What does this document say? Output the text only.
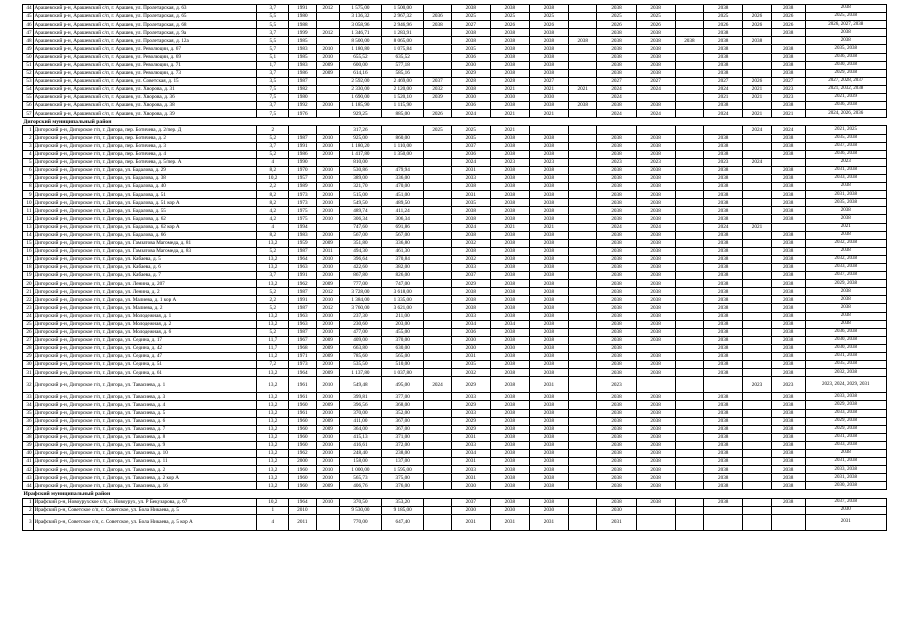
44	Арашевский р-н, Арашевский с/п, г. Арашев, ул. Пролетарская, д. 63	3,7	1991	2012	1 575,00	1 500,00		2038	2038	2038		2038	2038		2038		2038	2038
45	Арашевский р-н, Арашевский с/п, г. Арашев, ул. Пролетарская, д. 65	5,5	1980		3 136,32	2 967,32	2036	2025	2025	2025		2025	2025		2025	2026	2026	2025, 2038
46	Арашевский р-н, Арашевский с/п, г. Арашев, ул. Пролетарская, д. 68	5,5	1988		3 058,96	2 946,96	2038	2027	2026	2026		2026	2026		2026	2026	2026	2026, 2027, 2038
47	Арашевский р-н, Арашевский с/п, г. Арашев, ул. Пролетарская, д. 9а	3,7	1999	2012	1 346,71	1 283,91		2038	2038	2038		2038	2038		2038		2038	2038
48	Арашевский р-н, Арашевский с/п, г. Арашев, ул. Пролетарская, д. 12а	5,5	1985		8 500,00	8 065,00		2038	2038	2038	2038	2038	2038	2038	2038	2038		2038
49	Арашевский р-н, Арашевский с/п, г. Арашев, ул. Революции, д. 67	5,7	1983	2010	1 180,80	1 075,84		2035	2038	2038		2038	2038		2038		2038	2035, 2038
50	Арашевский р-н, Арашевский с/п, г. Арашев, ул. Революции, д. 69	5,1	1985	2010	655,52	635,52		2036	2038	2038		2038	2038		2038		2038	2036, 2038
51	Арашевский р-н, Арашевский с/п, г. Арашев, ул. Революции, д. 71	1,7	1983	2009	600,00	577,18		2030	2038	2038		2038	2038		2038		2038	2030, 2038
52	Арашевский р-н, Арашевский с/п, г. Арашев, ул. Революции, д. 73	3,7	1986	2009	614,16	585,16		2029	2038	2038		2038	2038		2038		2038	2029, 2038
53	Арашевский р-н, Арашевский с/п, г. Арашев, ул. Советская, д. 15	3,5	1987		2 592,00	2 469,00	2037	2028	2028	2027		2027	2027		2027	2026	2027	2027, 2028, 2037
54	Арашевский р-н, Арашевский с/п, г. Арашев, ул. Хворова, д. 31	7,5	1982		2 330,00	2 120,00	2032	2038	2021	2021	2021	2024	2024		2024	2021	2023	2021, 2032, 2038
55	Арашевский р-н, Арашевский с/п, г. Арашев, ул. Хворова, д. 36	7,5	1980		1 690,00	1 520,10	2039	2030	2030	2030		2024			2021	2021	2023	2021, 2039
56	Арашевский р-н, Арашевский с/п, г. Арашев, ул. Хворова, д. 38	3,7	1992	2010	1 185,90	1 115,90		2036	2038	2038	2038	2038	2038		2038		2038	2036, 2038
57	Арашевский р-н, Арашевский с/п, г. Арашев, ул. Хворова, д. 39	7,5	1976		929,25	885,00	2026	2024	2021	2021		2024	2024		2024	2021	2021	2024, 2026, 2036
Дигорский муниципальный район																		
1	Дигорский р-н, Дигорское г/п, г. Дигора, пер. Ботичева, д. 2/пер. Д	2			317,26		2025	2025	2021							2024	2024	2021, 2025
2	Дигорский р-н, Дигорское г/п, г. Дигора, пер. Ботичева, д. 2	5,2	1987	2010	925,00	860,00		2035	2038	2038		2038	2038		2038		2038	2035, 2038
3	Дигорский р-н, Дигорское г/п, г. Дигора, пер. Ботичева, д. 3	3,7	1991	2010	1 180,20	1 110,00		2037	2038	2038		2038	2038		2038		2038	2037, 2038
4	Дигорский р-н, Дигорское г/п, г. Дигора, пер. Ботичева, д. 4	5,2	1986	2010	1 417,80	1 350,00		2036	2038	2038		2038	2038		2038		2038	2036, 2038
5	Дигорский р-н, Дигорское г/п, г. Дигора, пер. Ботичева, д. 5/пер. А	4	1990		810,00			2024	2023	2023		2023	2023		2023	2024		2023
6	Дигорский р-н, Дигорское г/п, г. Дигора, ул. Бадалова, д. 29	8,2	1970	2010	530,86	479,94		2031	2038	2038		2038	2038		2038		2038	2031, 2038
7	Дигорский р-н, Дигорское г/п, г. Дигора, ул. Бадалова, д. 38	10,2	1957	2010	389,00	336,00		2033	2038	2038		2038	2038		2038		2038	2033, 2038
8	Дигорский р-н, Дигорское г/п, г. Дигора, ул. Бадалова, д. 40	2,2	1989	2010	321,70	470,00		2038	2038	2038		2038	2038		2038		2038	2038
9	Дигорский р-н, Дигорское г/п, г. Дигора, ул. Бадалова, д. 51	8,2	1973	2010	515,00	451,00		2031	2038	2038		2038	2038		2038		2038	2031, 2038
10	Дигорский р-н, Дигорское г/п, г. Дигора, ул. Бадалова, д. 51 кор А	8,2	1973	2010	549,50	489,50		2035	2038	2038		2038	2038		2038		2038	2035, 2038
11	Дигорский р-н, Дигорское г/п, г. Дигора, ул. Бадалова, д. 55	4,2	1975	2010	489,74	411,24		2038	2038	2038		2038	2038		2038		2038	2038
12	Дигорский р-н, Дигорское г/п, г. Дигора, ул. Бадалова, д. 62	4,2	1975	2010	306,34	306,34		2038	2038	2038		2038	2038		2038		2038	2038
13	Дигорский р-н, Дигорское г/п, г. Дигора, ул. Бадалова, д. 62 кор А	4	1994		747,60	691,86		2024	2021	2021		2024	2024		2024	2021		2021
14	Дигорский р-н, Дигорское г/п, г. Дигора, ул. Бадалова, д. 66	8,2	1983	2010	567,00	567,00		2038	2038	2038		2038	2038		2038		2038	2038
15	Дигорский р-н, Дигорское г/п, г. Дигора, ул. Гамзатова Магомеда, д. 81	13,2	1959	2009	351,80	336,80		2032	2038	2038		2038	2038		2038		2038	2032, 2038
16	Дигорский р-н, Дигорское г/п, г. Дигора, ул. Гамзатова Магомеда, д. 83	5,2	1987	2011	494,30	461,30		2038	2038	2038		2038	2038		2038		2038	2038
17	Дигорский р-н, Дигорское г/п, г. Дигора, ул. Кабаева, д. 5	13,2	1964	2010	396,64	370,84		2032	2038	2038		2038	2038		2038		2038	2032, 2038
18	Дигорский р-н, Дигорское г/п, г. Дигора, ул. Кабаева, д. 6	13,2	1963	2010	422,60	382,00		2033	2038	2038		2038	2038		2038		2038	2033, 2038
19	Дигорский р-н, Дигорское г/п, г. Дигора, ул. Кабаева, д. 7	3,7	1991	2010	867,80	826,00		2037	2038	2038		2038	2038		2038		2038	2037, 2038
20	Дигорский р-н, Дигорское г/п, г. Дигора, ул. Ленина, д. 207	13,2	1962	2009	777,00	747,00		2029	2038	2038		2038	2038		2038		2038	2029, 2038
21	Дигорский р-н, Дигорское г/п, г. Дигора, ул. Ленина, д. 2	5,2	1987	2012	3 728,00	3 618,00		2038	2038	2038		2038	2038		2038		2038	2038
22	Дигорский р-н, Дигорское г/п, г. Дигора, ул. Малиева, д. 1 кор А	2,2	1991	2010	1 384,00	1 335,00		2038	2038	2038		2038	2038		2038		2038	2038
23	Дигорский р-н, Дигорское г/п, г. Дигора, ул. Малиева, д. 2	5,2	1987	2012	3 760,00	3 621,00		2038	2038	2038		2038	2038		2038		2038	2038
24	Дигорский р-н, Дигорское г/п, г. Дигора, ул. Молодежная, д. 1	13,2	1963	2010	237,30	211,00		2033	2038	2038		2038	2038		2038		2038	2038
25	Дигорский р-н, Дигорское г/п, г. Дигора, ул. Молодежная, д. 2	13,2	1963	2010	230,60	203,00		2034	2034	2038		2038	2038		2038		2038	2038
26	Дигорский р-н, Дигорское г/п, г. Дигора, ул. Молодежная, д. 6	5,2	1987	2010	477,00	455,00		2036	2038	2038		2038	2038		2038		2038	2036, 2038
27	Дигорский р-н, Дигорское г/п, г. Дигора, ул. Седина, д. 17	11,7	1967	2009	409,00	370,00		2030	2038	2038		2038	2038		2038		2038	2030, 2038
28	Дигорский р-н, Дигорское г/п, г. Дигора, ул. Седина, д. 42	11,7	1968	2009	663,80	630,00		2030	2030	2038		2038			2038		2038	2030, 2038
29	Дигорский р-н, Дигорское г/п, г. Дигора, ул. Седина, д. 47	11,2	1971	2009	785,60	565,00		2031	2038	2038		2038	2038		2038		2038	2031, 2038
30	Дигорский р-н, Дигорское г/п, г. Дигора, ул. Седина, д. 51	7,2	1973	2010	535,50	510,00		2035	2038	2038		2038	2038		2038		2038	2035, 2038
31	Дигорский р-н, Дигорское г/п, г. Дигора, ул. Седина, д. 61	13,2	1964	2009	1 137,80	1 037,80		2032	2038	2038		2038	2038		2038		2038	2032, 2038
32	Дигорский р-н, Дигорское г/п, г. Дигора, ул. Тавасиева, д. 1	13,2	1961	2010	549,48	495,00	2024	2029	2038	2031		2023				2023	2023	2023, 2024, 2029, 2031
33	Дигорский р-н, Дигорское г/п, г. Дигора, ул. Тавасиева, д. 3	13,2	1961	2010	399,81	377,00		2033	2038	2038		2038	2038		2038		2038	2033, 2038
34	Дигорский р-н, Дигорское г/п, г. Дигора, ул. Тавасиева, д. 4	13,2	1960	2009	396,56	368,00		2029	2038	2038		2038	2038		2038		2038	2029, 2038
35	Дигорский р-н, Дигорское г/п, г. Дигора, ул. Тавасиева, д. 5	13,2	1961	2010	370,00	352,00		2033	2038	2038		2038	2038		2038		2038	2033, 2038
36	Дигорский р-н, Дигорское г/п, г. Дигора, ул. Тавасиева, д. 6	13,2	1960	2009	411,00	367,00		2029	2038	2038		2038	2038		2038		2038	2029, 2038
37	Дигорский р-н, Дигорское г/п, г. Дигора, ул. Тавасиева, д. 7	13,2	1960	2009	364,00	367,00		2029	2038	2038		2038	2038		2038		2038	2029, 2038
38	Дигорский р-н, Дигорское г/п, г. Дигора, ул. Тавасиева, д. 8	13,2	1960	2010	415,13	371,00		2031	2038	2038		2038	2038		2038		2038	2031, 2038
39	Дигорский р-н, Дигорское г/п, г. Дигора, ул. Тавасиева, д. 9	13,2	1960	2010	416,61	372,00		2033	2038	2038		2038	2038		2038		2038	2033, 2038
40	Дигорский р-н, Дигорское г/п, г. Дигора, ул. Тавасиева, д. 10	13,2	1962	2010	248,40	238,00		2034	2038	2038		2038	2038		2038		2038	2038
41	Дигорский р-н, Дигорское г/п, г. Дигора, ул. Тавасиева, д. 11	13,2	2000	2010	158,00	137,00		2031	2038	2038		2038	2038		2038		2038	2031, 2038
42	Дигорский р-н, Дигорское г/п, г. Дигора, ул. Тавасиева, д. 2	13,2	1960	2010	1 000,00	1 595,00		2033	2038	2038		2038	2038		2038		2038	2033, 2038
43	Дигорский р-н, Дигорское г/п, г. Дигора, ул. Тавасиева, д. 2 кор А	13,2	1960	2010	565,73	375,00		2031	2038	2038		2038	2038		2038		2038	2031, 2038
44	Дигорский р-н, Дигорское г/п, г. Дигора, ул. Тавасиева, д. 16	13,2	1960	2009	406,76	376,00		2030	2038	2038		2038	2038		2038		2038	2030, 2038
Ирафский муниципальный район																		
1	Ирафский р-н, Новоурухское с/п, с. Новоурух, ул. Р Бекузарова, д. 67	10,2	1964	2010	370,50	353,20		2037	2038	2038		2038	2038		2038		2038	2037, 2038
2	Ирафский р-н, Советское с/п, с. Советское, ул. Бола Никаева, д. 5	1	2010		9 530,00	9 185,00		2030	2030	2030		2030						2030
3	Ирафский р-н, Советское с/п, с. Советское, ул. Бола Никаева, д. 5 кор А	4	2011		770,00	647,40		2031	2031	2031		2031						2031
